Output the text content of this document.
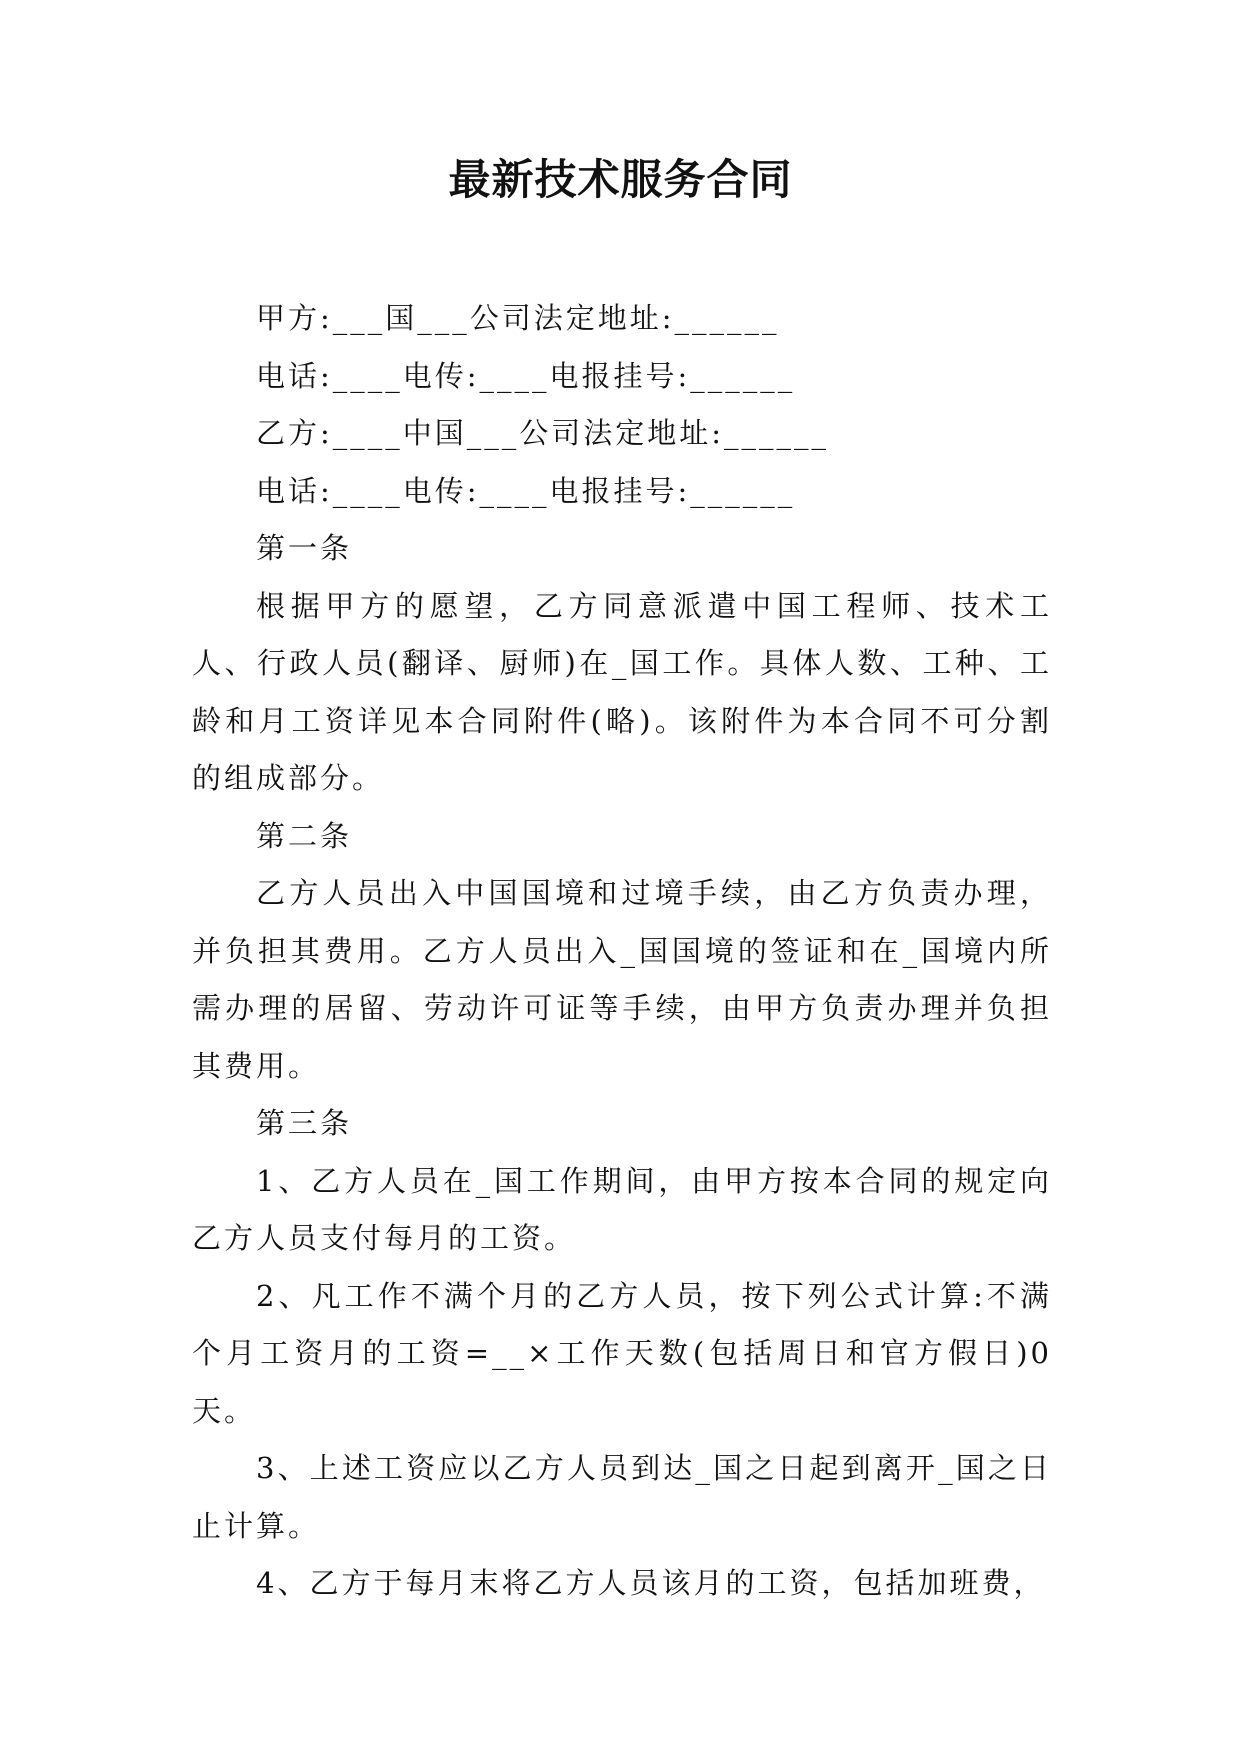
最新技术服务合同

甲方:___国___公司法定地址:______

电话:____电传:____电报挂号:______

乙方:____中国___公司法定地址:______

电话:____电传:____电报挂号:______

第一条

根据甲方的愿望，乙方同意派遣中国工程师、技术工人、行政人员(翻译、厨师)在_国工作。具体人数、工种、工龄和月工资详见本合同附件(略)。该附件为本合同不可分割的组成部分。

第二条

乙方人员出入中国国境和过境手续，由乙方负责办理，并负担其费用。乙方人员出入_国国境的签证和在_国境内所需办理的居留、劳动许可证等手续，由甲方负责办理并负担其费用。

第三条

1、乙方人员在_国工作期间，由甲方按本合同的规定向乙方人员支付每月的工资。

2、凡工作不满个月的乙方人员，按下列公式计算:不满个月工资月的工资=__×工作天数(包括周日和官方假日)0天。

3、上述工资应以乙方人员到达_国之日起到离开_国之日止计算。

4、乙方于每月末将乙方人员该月的工资，包括加班费，
